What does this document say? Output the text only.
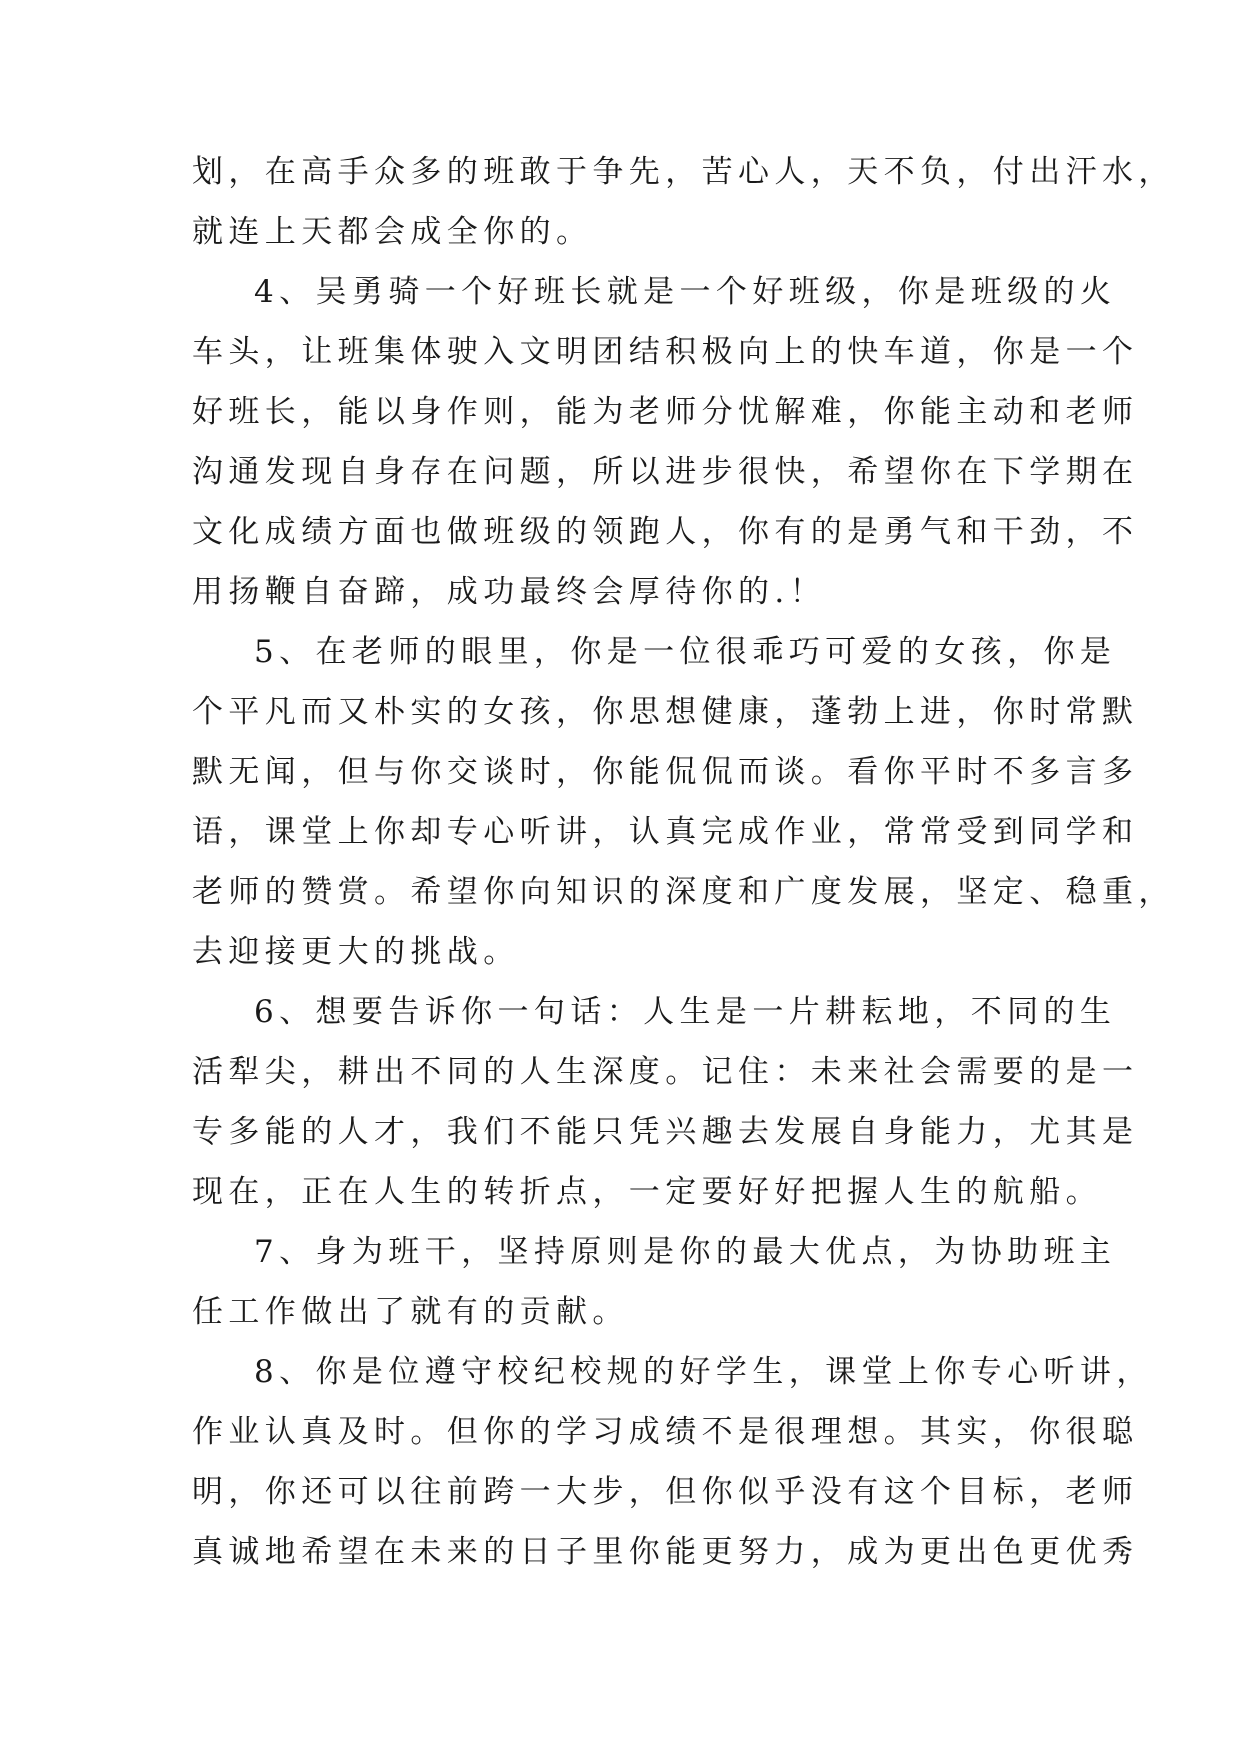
划，在高手众多的班敢于争先，苦心人，天不负，付出汗水，
就连上天都会成全你的。
4、吴勇骑一个好班长就是一个好班级，你是班级的火
车头，让班集体驶入文明团结积极向上的快车道，你是一个
好班长，能以身作则，能为老师分忧解难，你能主动和老师
沟通发现自身存在问题，所以进步很快，希望你在下学期在
文化成绩方面也做班级的领跑人，你有的是勇气和干劲，不
用扬鞭自奋蹄，成功最终会厚待你的.！
5、在老师的眼里，你是一位很乖巧可爱的女孩，你是
个平凡而又朴实的女孩，你思想健康，蓬勃上进，你时常默
默无闻，但与你交谈时，你能侃侃而谈。看你平时不多言多
语，课堂上你却专心听讲，认真完成作业，常常受到同学和
老师的赞赏。希望你向知识的深度和广度发展，坚定、稳重，
去迎接更大的挑战。
6、想要告诉你一句话：人生是一片耕耘地，不同的生
活犁尖，耕出不同的人生深度。记住：未来社会需要的是一
专多能的人才，我们不能只凭兴趣去发展自身能力，尤其是
现在，正在人生的转折点，一定要好好把握人生的航船。
7、身为班干，坚持原则是你的最大优点，为协助班主
任工作做出了就有的贡献。
8、你是位遵守校纪校规的好学生，课堂上你专心听讲，
作业认真及时。但你的学习成绩不是很理想。其实，你很聪
明，你还可以往前跨一大步，但你似乎没有这个目标，老师
真诚地希望在未来的日子里你能更努力，成为更出色更优秀
